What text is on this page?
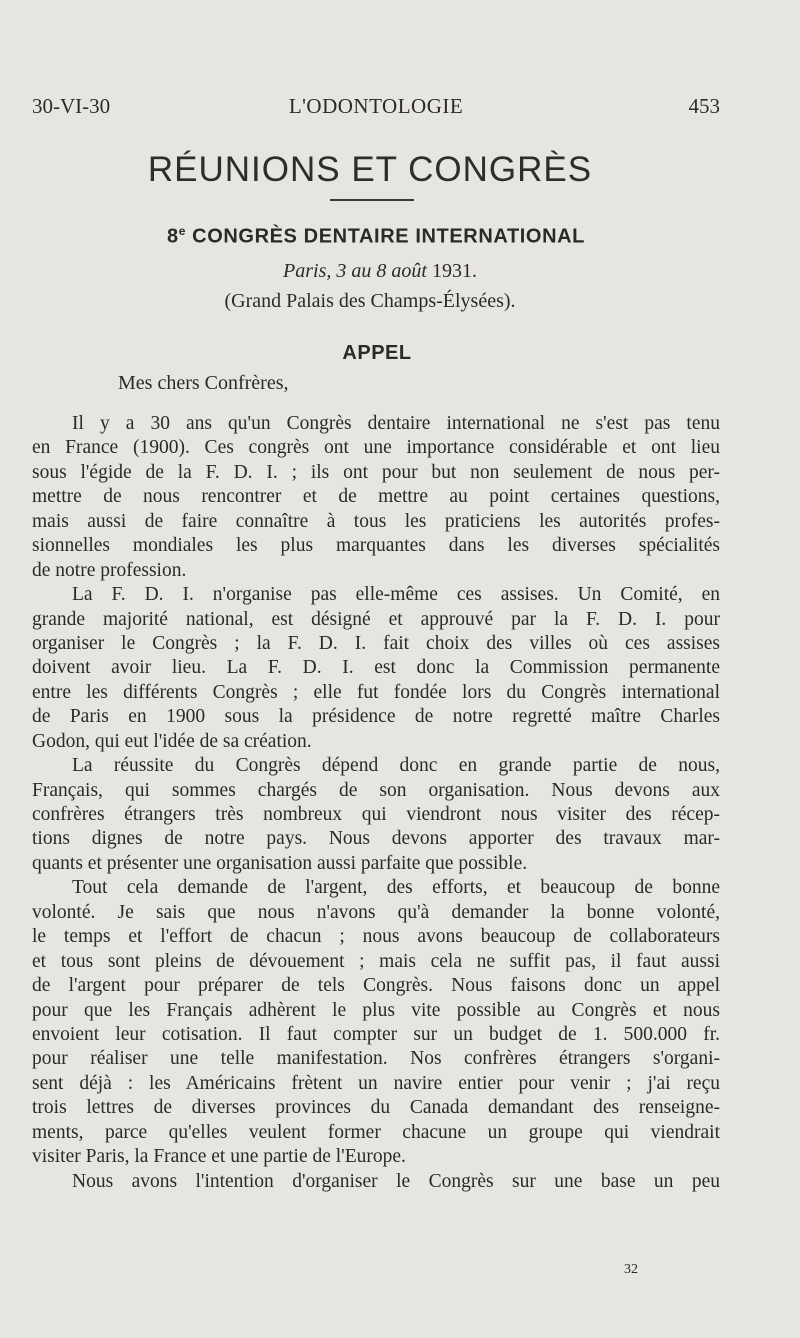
30-VI-30	L'ODONTOLOGIE	453
RÉUNIONS ET CONGRÈS
8e CONGRÈS DENTAIRE INTERNATIONAL
Paris, 3 au 8 août 1931.
(Grand Palais des Champs-Élysées).
APPEL
Mes chers Confrères,
Il y a 30 ans qu'un Congrès dentaire international ne s'est pas tenu
en France (1900). Ces congrès ont une importance considérable et ont lieu
sous l'égide de la F. D. I. ; ils ont pour but non seulement de nous per-
mettre de nous rencontrer et de mettre au point certaines questions,
mais aussi de faire connaître à tous les praticiens les autorités profes-
sionnelles mondiales les plus marquantes dans les diverses spécialités
de notre profession.
La F. D. I. n'organise pas elle-même ces assises. Un Comité, en
grande majorité national, est désigné et approuvé par la F. D. I. pour
organiser le Congrès ; la F. D. I. fait choix des villes où ces assises
doivent avoir lieu. La F. D. I. est donc la Commission permanente
entre les différents Congrès ; elle fut fondée lors du Congrès international
de Paris en 1900 sous la présidence de notre regretté maître Charles
Godon, qui eut l'idée de sa création.
La réussite du Congrès dépend donc en grande partie de nous,
Français, qui sommes chargés de son organisation. Nous devons aux
confrères étrangers très nombreux qui viendront nous visiter des récep-
tions dignes de notre pays. Nous devons apporter des travaux mar-
quants et présenter une organisation aussi parfaite que possible.
Tout cela demande de l'argent, des efforts, et beaucoup de bonne
volonté. Je sais que nous n'avons qu'à demander la bonne volonté,
le temps et l'effort de chacun ; nous avons beaucoup de collaborateurs
et tous sont pleins de dévouement ; mais cela ne suffit pas, il faut aussi
de l'argent pour préparer de tels Congrès. Nous faisons donc un appel
pour que les Français adhèrent le plus vite possible au Congrès et nous
envoient leur cotisation. Il faut compter sur un budget de 1. 500.000 fr.
pour réaliser une telle manifestation. Nos confrères étrangers s'organi-
sent déjà : les Américains frètent un navire entier pour venir ; j'ai reçu
trois lettres de diverses provinces du Canada demandant des renseigne-
ments, parce qu'elles veulent former chacune un groupe qui viendrait
visiter Paris, la France et une partie de l'Europe.
Nous avons l'intention d'organiser le Congrès sur une base un peu
32
